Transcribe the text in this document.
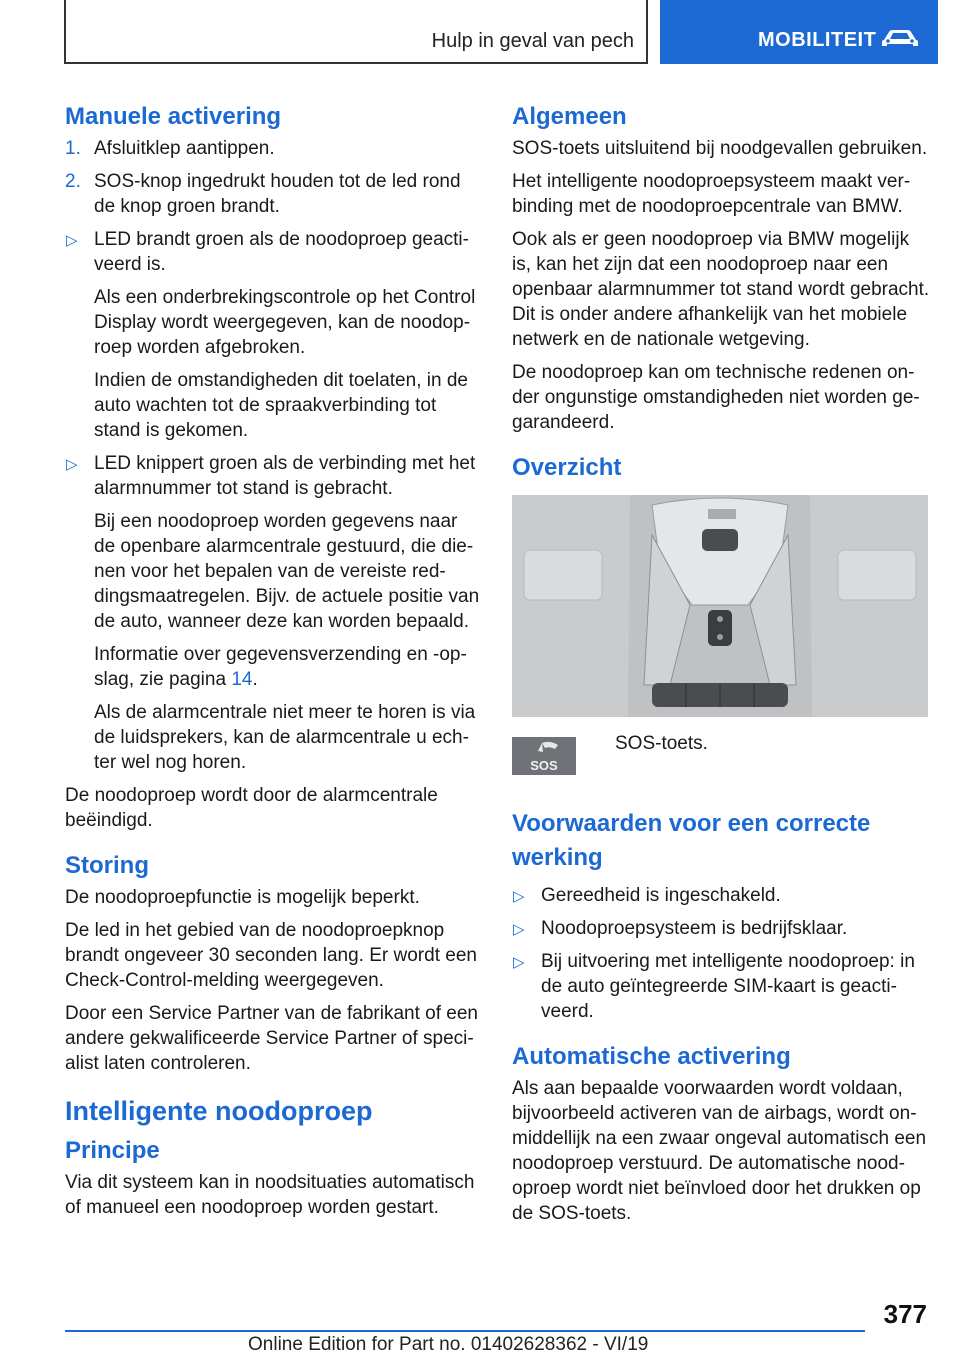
Hulp in geval van pech	MOBILITEIT
Manuele activering
1. Afsluitklep aantippen.
2. SOS-knop ingedrukt houden tot de led rond de knop groen brandt.
▷ LED brandt groen als de noodoproep geactiveerd is.

Als een onderbrekingscontrole op het Control Display wordt weergegeven, kan de noodoproep worden afgebroken.

Indien de omstandigheden dit toelaten, in de auto wachten tot de spraakverbinding tot stand is gekomen.

▷ LED knippert groen als de verbinding met het alarmnummer tot stand is gebracht.

Bij een noodoproep worden gegevens naar de openbare alarmcentrale gestuurd, die dienen voor het bepalen van de vereiste reddingsmaatregelen. Bijv. de actuele positie van de auto, wanneer deze kan worden bepaald.

Informatie over gegevensverzending en -opslag, zie pagina 14.

Als de alarmcentrale niet meer te horen is via de luidsprekers, kan de alarmcentrale u echter wel nog horen.

De noodoproep wordt door de alarmcentrale beëindigd.

Storing

De noodoproepfunctie is mogelijk beperkt.

De led in het gebied van de noodoproepknop brandt ongeveer 30 seconden lang. Er wordt een Check-Control-melding weergegeven.

Door een Service Partner van de fabrikant of een andere gekwalificeerde Service Partner of specialist laten controleren.

Intelligente noodoproep
Principe

Via dit systeem kan in noodsituaties automatisch of manueel een noodoproep worden gestart.

Algemeen

SOS-toets uitsluitend bij noodgevallen gebruiken.

Het intelligente noodoproepsysteem maakt verbinding met de noodoproepcentrale van BMW.

Ook als er geen noodoproep via BMW mogelijk is, kan het zijn dat een noodoproep naar een openbaar alarmnummer tot stand wordt gebracht. Dit is onder andere afhankelijk van het mobiele netwerk en de nationale wetgeving.

De noodoproep kan om technische redenen onder ongunstige omstandigheden niet worden gegarandeerd.

Overzicht
SOS
SOS-toets.
Voorwaarden voor een correcte werking
▷ Gereedheid is ingeschakeld.
▷ Noodoproepsysteem is bedrijfsklaar.
▷ Bij uitvoering met intelligente noodoproep: in de auto geïntegreerde SIM-kaart is geactiveerd.
Automatische activering

Als aan bepaalde voorwaarden wordt voldaan, bijvoorbeeld activeren van de airbags, wordt onmiddellijk na een zwaar ongeval automatisch een noodoproep verstuurd. De automatische noodoproep wordt niet beïnvloed door het drukken op de SOS-toets.

377
Online Edition for Part no. 01402628362 - VI/19
